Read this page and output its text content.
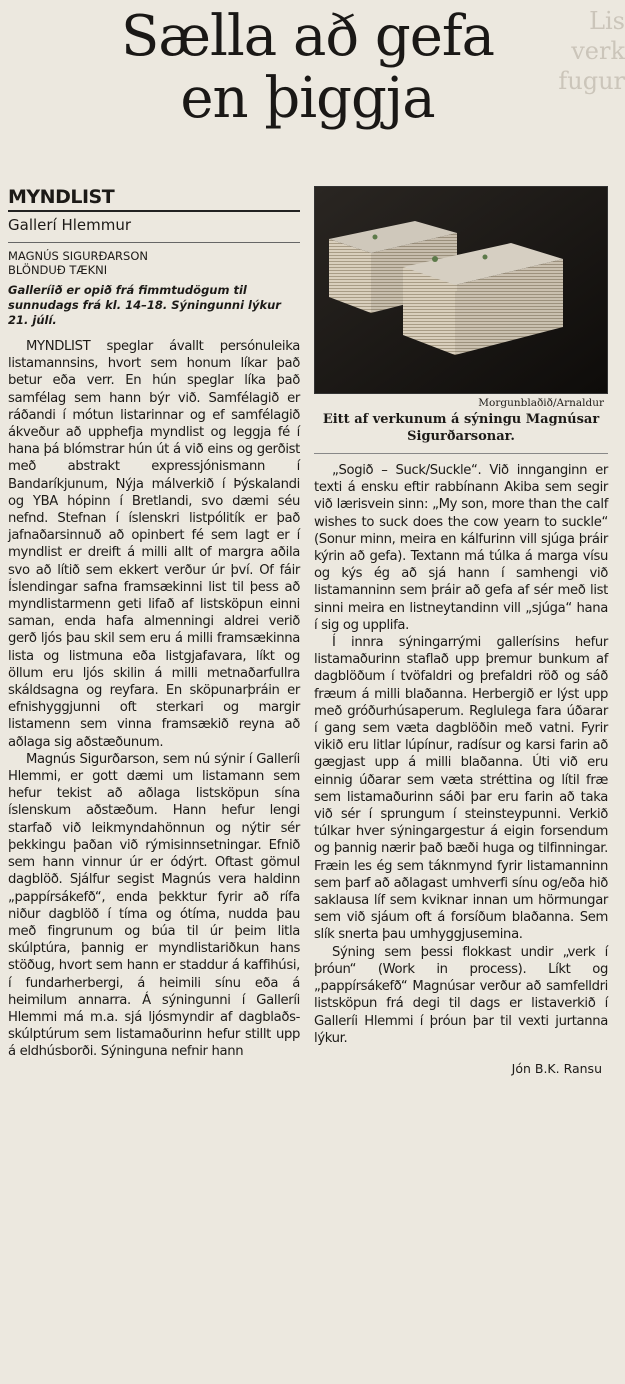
Sælla að gefa
en þiggja
Lis
verk
fugur
MYNDLIST
Gallerí Hlemmur
MAGNÚS SIGURÐARSON
BLÖNDUÐ TÆKNI

Galleríið er opið frá fimmtudögum til sunnudags frá kl. 14–18. Sýningunni lýkur 21. júlí.

MYNDLIST speglar ávallt persónuleika listamannsins, hvort sem honum líkar það betur eða verr. En hún speglar líka það samfélag sem hann býr við. Samfélagið er ráðandi í mótun listarinnar og ef samfélagið ákveður að upphefja myndlist og leggja fé í hana þá blómstrar hún út á við eins og gerðist með abstrakt expressjónismann í Bandaríkjunum, Nýja málverkið í Þýskalandi og YBA hópinn í Bretlandi, svo dæmi séu nefnd. Stefnan í íslenskri listpólitík er það jafnaðarsinnuð að opinbert fé sem lagt er í myndlist er dreift á milli allt of margra aðila svo að lítið sem ekkert verður úr því. Of fáir Íslendingar safna framsækinni list til þess að myndlistarmenn geti lifað af listsköpun einni saman, enda hafa almenningi aldrei verið gerð ljós þau skil sem eru á milli framsækinna lista og listmuna eða listgjafavara, líkt og öllum eru ljós skilin á milli metnaðarfullra skáldsagna og reyfara. En sköpunarþráin er efnishyggjunni oft sterkari og margir listamenn sem vinna framsækið reyna að aðlaga sig aðstæðunum.

Magnús Sigurðarson, sem nú sýnir í Galleríi Hlemmi, er gott dæmi um listamann sem hefur tekist að aðlaga listsköpun sína íslenskum aðstæðum. Hann hefur lengi starfað við leikmyndahönnun og nýtir sér þekkingu þaðan við rýmisinnsetningar. Efnið sem hann vinnur úr er ódýrt. Oftast gömul dagblöð. Sjálfur segist Magnús vera haldinn „pappírsákefð“, enda þekktur fyrir að rífa niður dagblöð í tíma og ótíma, nudda þau með fingrunum og búa til úr þeim litla skúlptúra, þannig er myndlistariðkun hans stöðug, hvort sem hann er staddur á kaffihúsi, í fundarherbergi, á heimili sínu eða á heimilum annarra. Á sýningunni í Galleríi Hlemmi má m.a. sjá ljósmyndir af dagblaðs-skúlptúrum sem listamaðurinn hefur stillt upp á eldhúsborði. Sýninguna nefnir hann

Morgunblaðið/Arnaldur
Eitt af verkunum á sýningu Magnúsar Sigurðarsonar.

„Sogið – Suck/Suckle“. Við innganginn er texti á ensku eftir rabbínann Akiba sem segir við lærisvein sinn: „My son, more than the calf wishes to suck does the cow yearn to suckle“ (Sonur minn, meira en kálfurinn vill sjúga þráir kýrin að gefa). Textann má túlka á marga vísu og kýs ég að sjá hann í samhengi við listamanninn sem þráir að gefa af sér með list sinni meira en listneytandinn vill „sjúga“ hana í sig og upplifa.

Í innra sýningarrými gallerísins hefur listamaðurinn staflað upp þremur bunkum af dagblöðum í tvöfaldri og þrefaldri röð og sáð fræum á milli blaðanna. Herbergið er lýst upp með gróðurhúsaperum. Reglulega fara úðarar í gang sem væta dagblöðin með vatni. Fyrir vikið eru litlar lúpínur, radísur og karsi farin að gægjast upp á milli blaðanna. Úti við eru einnig úðarar sem væta stréttina og lítil fræ sem listamaðurinn sáði þar eru farin að taka við sér í sprungum í steinsteypunni. Verkið túlkar hver sýningargestur á eigin forsendum og þannig nærir það bæði huga og tilfinningar. Fræin les ég sem táknmynd fyrir listamanninn sem þarf að aðlagast umhverfi sínu og/eða hið saklausa líf sem kviknar innan um hörmungar sem við sjáum oft á forsíðum blaðanna. Sem slík snerta þau umhyggjusemina.

Sýning sem þessi flokkast undir „verk í þróun“ (Work in process). Líkt og „pappírsákefð“ Magnúsar verður að samfelldri listsköpun frá degi til dags er listaverkið í Galleríi Hlemmi í þróun þar til vexti jurtanna lýkur.

Jón B.K. Ransu
